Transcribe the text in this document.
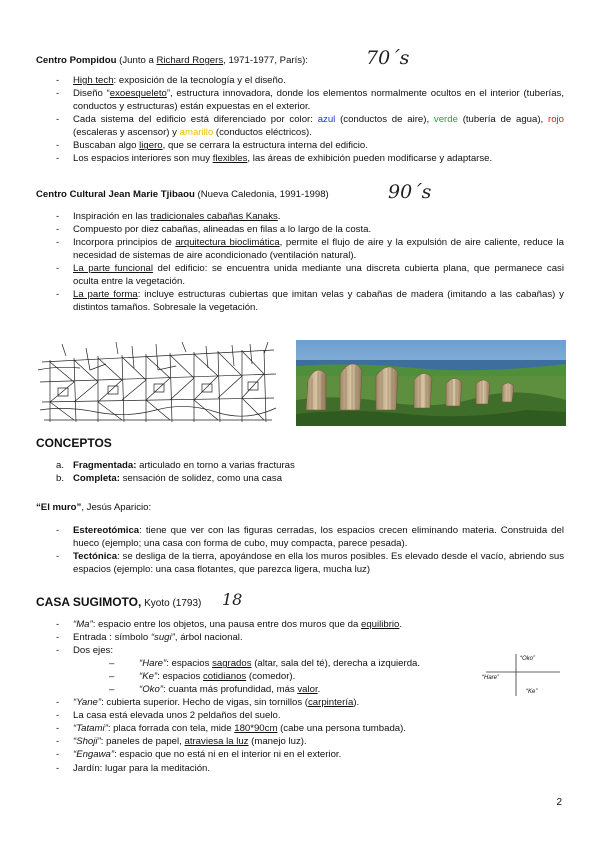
Centro Pompidou (Junto a Richard Rogers, 1971-1977, París):	70´s
- High tech: exposición de la tecnología y el diseño.
- Diseño “exoesqueleto”, estructura innovadora, donde los elementos normalmente ocultos en el interior (tuberías, conductos y estructuras) están expuestas en el exterior.
- Cada sistema del edificio está diferenciado por color: azul (conductos de aire), verde (tubería de agua), rojo (escaleras y ascensor) y amarillo (conductos eléctricos).
- Buscaban algo ligero, que se cerrara la estructura interna del edificio.
- Los espacios interiores son muy flexibles, las áreas de exhibición pueden modificarse y adaptarse.
Centro Cultural Jean Marie Tjibaou (Nueva Caledonia, 1991-1998)	90´s
- Inspiración en las tradicionales cabañas Kanaks.
- Compuesto por diez cabañas, alineadas en filas a lo largo de la costa.
- Incorpora principios de arquitectura bioclimática, permite el flujo de aire y la expulsión de aire caliente, reduce la necesidad de sistemas de aire acondicionado (ventilación natural).
- La parte funcional del edificio: se encuentra unida mediante una discreta cubierta plana, que permanece casi oculta entre la vegetación.
- La parte forma: incluye estructuras cubiertas que imitan velas y cabañas de madera (imitando a las cabañas) y distintos tamaños. Sobresale la vegetación.
CONCEPTOS
a. Fragmentada: articulado en torno a varias fracturas
b. Completa: sensación de solidez, como una casa
“El muro”, Jesús Aparicio:
- Estereotómica: tiene que ver con las figuras cerradas, los espacios crecen eliminando materia. Construida del hueco (ejemplo; una casa con forma de cubo, muy compacta, parece pesada).
- Tectónica: se desliga de la tierra, apoyándose en ella los muros posibles. Es elevado desde el vacío, abriendo sus espacios (ejemplo: una casa flotantes, que parezca ligera, mucha luz)
CASA SUGIMOTO, Kyoto (1793) 18
- “Ma”: espacio entre los objetos, una pausa entre dos muros que da equilibrio.
- Entrada : símbolo “sugi”, árbol nacional.
- Dos ejes:
– “Hare”: espacios sagrados (altar, sala del té), derecha a izquierda.
– “Ke”: espacios cotidianos (comedor).
– “Oko”: cuanta más profundidad, más valor.
- “Yane”: cubierta superior. Hecho de vigas, sin tornillos (carpintería).
- La casa está elevada unos 2 peldaños del suelo.
- “Tatami”: placa forrada con tela, mide 180*90cm (cabe una persona tumbada).
- “Shoji”: paneles de papel, atraviesa la luz (manejo luz).
- “Engawa”: espacio que no está ni en el interior ni en el exterior.
- Jardín: lugar para la meditación.
“Oko”
“Hare”
“Ke”
2
